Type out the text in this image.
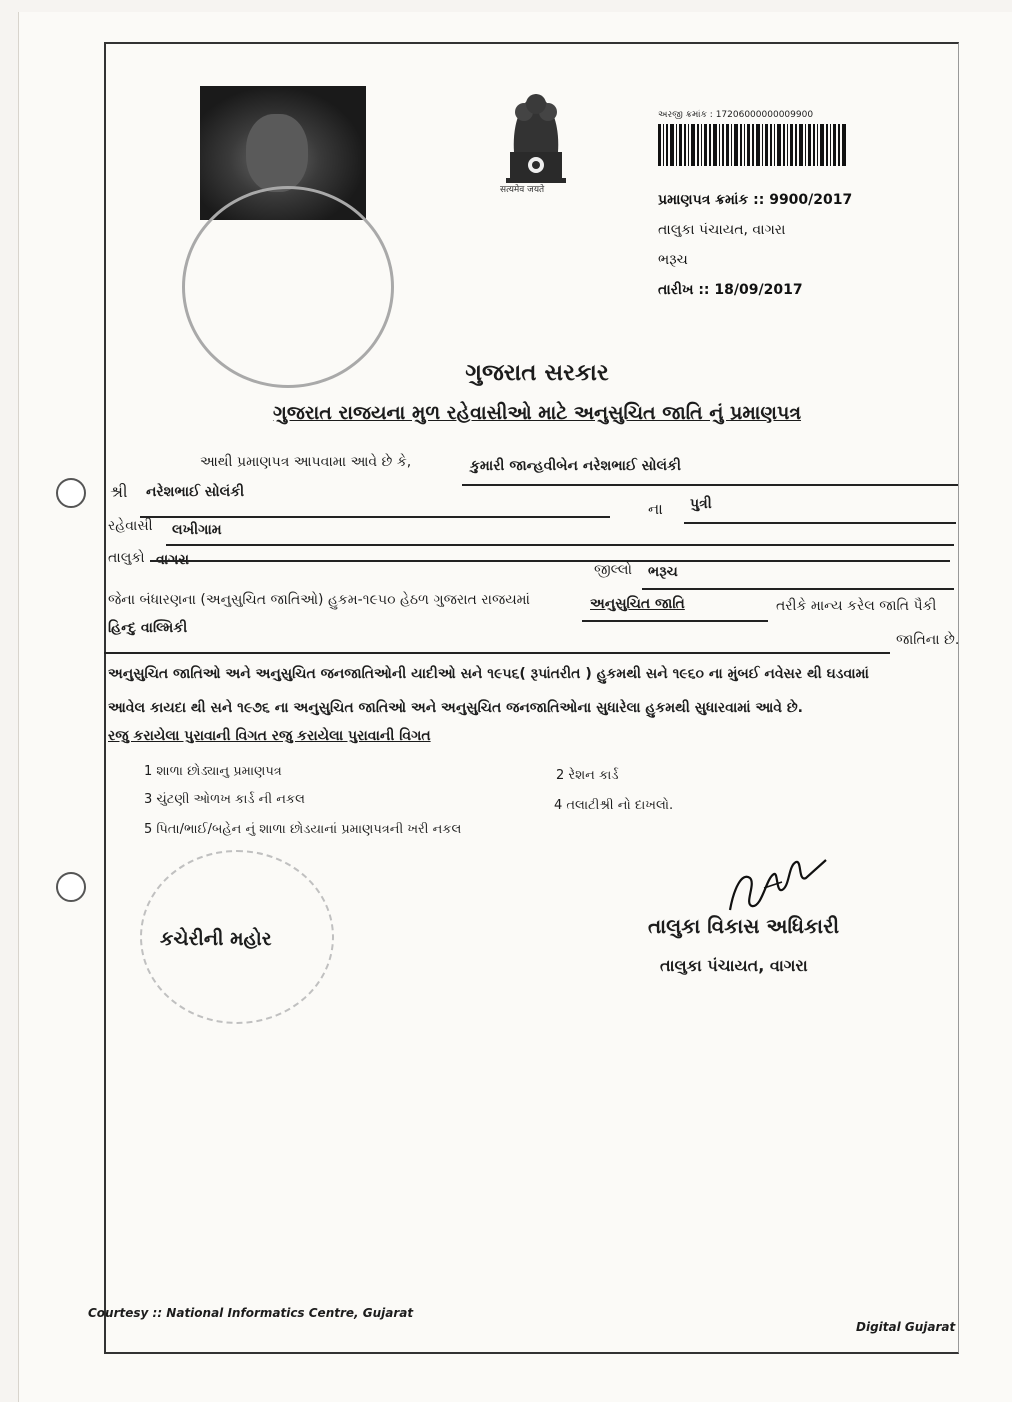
सत्यमेव जयते
અરજી ક્રમાંક : 17206000000009900
પ્રમાણપત્ર ક્રમાંક :: 9900/2017
તાલુકા પંચાયત, વાગરા
ભરૂચ
તારીખ :: 18/09/2017
ગુજરાત સરકાર
ગુજરાત રાજયના મુળ રહેવાસીઓ માટે અનુસુચિત જાતિ નું પ્રમાણપત્ર
આથી પ્રમાણપત્ર આપવામા આવે છે કે,	કુમારી જાન્હવીબેન નરેશભાઈ સોલંકી
શ્રી નરેશભાઈ સોલંકી
ના પુત્રી
રહેવાસી લખીગામ
તાલુકો વાગરા
જીલ્લો ભરૂચ
જેના બંધારણના (અનુસુચિત જાતિઓ) હુકમ-૧૯૫૦ હેઠળ ગુજરાત રાજયમાં	અનુસુચિત જાતિ	તરીકે માન્ય કરેલ જાતિ પૈકી
હિન્દુ વાલ્મિકી
જાતિના છે.
અનુસુચિત જાતિઓ અને અનુસુચિત જનજાતિઓની યાદીઓ સને ૧૯૫૬( રૂપાંતરીત ) હુકમથી સને ૧૯૬૦ ના મુંબઈ નવેસર થી ઘડવામાં
આવેલ કાયદા થી સને ૧૯૭૬ ના અનુસુચિત જાતિઓ અને અનુસુચિત જનજાતિઓના સુધારેલા હુકમથી સુધારવામાં આવે છે.
રજુ કરાયેલા પુરાવાની વિગત રજુ કરાયેલા પુરાવાની વિગત
1 શાળા છોડ્યાનુ પ્રમાણપત્ર	2 રેશન કાર્ડ
3 ચુંટણી ઓળખ કાર્ડ ની નકલ	4 તલાટીશ્રી નો દાખલો.
5 પિતા/ભાઈ/બહેન નું શાળા છોડયાનાં પ્રમાણપત્રની ખરી નકલ
કચેરીની મહોર
તાલુકા વિકાસ અધિકારી
તાલુકા પંચાયત, વાગરા
Courtesy :: National Informatics Centre, Gujarat
Digital Gujarat
